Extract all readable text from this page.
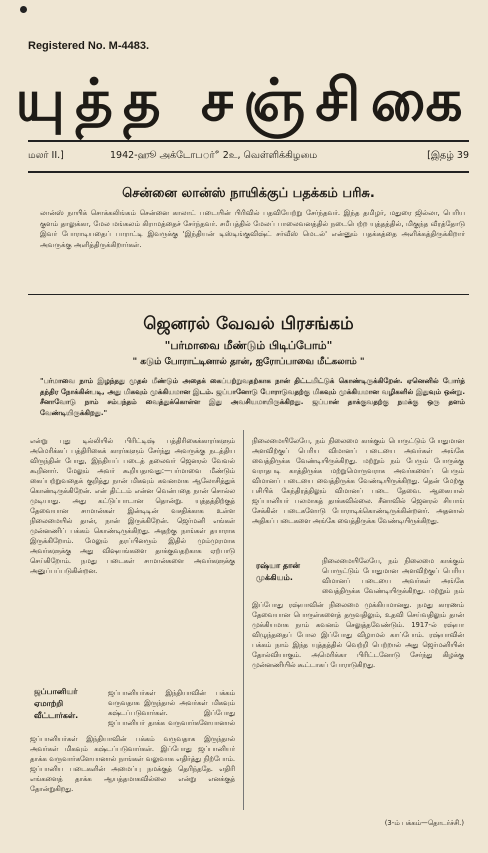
Registered No. M-4483.
யுத்த சஞ்சிகை
மலர் II.]	1942-ஹூ அக்டோபர்ீ 2உ, வெள்ளிக்கிழமை	[இதழ் 39
சென்னை லான்ஸ் நாயிக்குப் பதக்கம் பரிசு.
லான்ஸ் நாயிக் சொக்கலிங்கம் சென்னை காலாட் படையின் பிரிவில் பதவியேற்று சேர்ந்தவர். இந்த தமிழர், மதுரை ஜில்லா, பெரிய குளம் தாலுக்கா, மேல மங்கலம் கிராமத்தைச் சேர்ந்தவர். சமீபத்தில் மேலப் பாலைவனத்தில் நடைபெற்ற யுத்தத்தில், மிகுந்த வீரத்தோடு இவர் போராடியதைப் பாராட்டி இவருக்கு 'இந்தியன் டிஸ்டிங்குவிஷ்ட் சர்வீஸ் மெடல்' என்னும் பதக்கத்தை அளிக்கத்திருக்கிறார் அவருக்கு அளித்திருக்கிறார்கள்.
ஜெனரல் வேவல் பிரசங்கம்
"பர்மாவை மீண்டும் பிடிப்போம்"
" கடும் போராட்டினால் தான், ஐரோப்பாவை மீட்கலாம் "
"பர்மாவை நாம் இழந்தது முதல் மீண்டும் அதைக் கைப்பற்றுவதற்காக நான் திட்டமிட்டுக் கொண்டிருக்கிறேன். ஏனெனில் போர்த் தந்திர நோக்கின்படி, அது மிகவும் முக்கியமான இடம். ஜப்பானோடு போராடுவதற்கு மிகவும் முக்கியமான வழிகளில் இதுவும் ஒன்று. சீனாவோடு நாம் சம்பந்தம் வைத்துக்கொள்ள இது அவசியமாயிருக்கிறது. ஜப்பான் தாக்குவதற்கு நமக்கு ஒரு தளம் வேண்டியிருக்கிறது."
என்று புது டில்லியில் பிரிட்டிஷ் பத்திரிகைக்காரர்களும் அமெரிக்கப் பத்திரிகைக் காரர்களும் சேர்ந்து அவருக்கு நடத்திய விருந்தின் போது, இந்தியப் படைத் தலைவர் ஜெனரல் வேவல் கூறினார். மேலும் அவர் கூறியதாவது:—பர்மாவை மீண்டும் கைப்பற்றுவதைக் குறித்து நான் மிகவும் கவனமாக ஆலோசித்துக் கொண்டிருக்கிறேன். என் திட்டம் என்ன வென்பதை நான் சொல்ல முடியாது. அது கட்டுப்பாடான தொன்று. யுத்தத்திற்குத் தேவையான சாமான்கள் இன்டிடின் வசதிக்காக உள்ள நிலைமையில் தான், நான் இருக்கிறேன். ஜெர்மனி எங்கள் முன்னணிப் பக்கம் கொண்டிருக்கிறது. அதற்கு நாங்கள் தயாராக இருக்கிறோம். மேலும் தரப்பினரும் இதில் மும்முரமாக அவர்களுக்கு அது விஷயங்களை தாக்குவதற்காக ஏற்பாடு செய்கிறோம். நமது படைகள் சாமான்களை அவர்களுக்கு அனுப்பப்படுகின்றன.
ஜப்பானியர் ஏமாற்றி வீட்டார்கள்.
ஜப்பானியர்கள் இந்தியாவின் பக்கம் வருவதாக இருந்தால் அவர்கள் மிகவும் கஷ்டப்படுவார்கள். இப்போது ஜப்பானியர் தாக்க வருவார்களேயானால்
ஜப்பானியர்கள் இந்தியாவின் பக்கம் வருவதாக இருந்தால் அவர்கள் மிகவும் கஷ்டப்படுவார்கள். இப்போது ஜப்பானியர் தாக்க வருவார்களேயானால் நாங்கள் வலுவாக எதிர்த்து நிற்போம். ஜப்பானிய படைகளின் அமைப்பு நமக்குத் தெரிந்ததே. எதிரி எங்களைத் தாக்க ஆயத்தமாகவில்லை என்று எனக்குத் தோன்றுகிறது.
நிலைமையிலேயே, நம் நிலைமை காக்கும் பொருட்டும் போதுமான அளவிற்குப் பெரிய விமானப் படையை அவர்கள் அங்கே வைத்திருக்க வேண்டியிருக்கிறது. மற்றும் நம் பேரும் போருக்கு வராதபடி காத்திருக்க மற்றுமொருவராக அவர்களைப் பெரும் விமானப் படையை வைத்திருக்க வேண்டியிருக்கிறது. தென் மேற்கு பசிபிக் கேந்திரத்திலும் விமானப் படை தேவை. ஆகையால் ஜப்பானியர் பலமாகத் தாக்கவில்லை. சீனாவில் ஜெனரல் சியாங் சேக்கின் படைகளோடு போராடிக்கொண்டிருக்கின்றனர். அதனால் அதிகப் படைகளை அங்கே வைத்திருக்க வேண்டியிருக்கிறது.
ரஷ்யா தான் முக்கியம்.
நிலைமையிலேயே, நம் நிலைமை காக்கும் பொருட்டும் போதுமான அளவிற்குப் பெரிய விமானப் படையை அவர்கள் அங்கே வைத்திருக்க வேண்டியிருக்கிறது. மற்றும் நம்
இப்போது ரஷ்யாவின் நிலைமை முக்கியமானது. நமது காரணம் தேவையான பொருள்களைத் தருவதிலும், உதவி செய்வதிலும் தான் முக்கியமாக நாம் கவனம் செலுத்தவேண்டும். 1917-ல் ரஷ்யா விழுந்ததைப் போல இப்போது விழாமல் காப்போம். ரஷ்யாவின் பக்கம் நாம் இந்த யுத்தத்தில் வெற்றி பெற்றால் அது ஜெர்மனியின் தோல்வியாகும். அமெரிக்கா பிரிட்டனோடு சேர்ந்து கிழக்கு முன்னணியில் கூட்டாகப் போராடுகிறது.
(3-ம் பக்கம்—தொடர்ச்சி.)
